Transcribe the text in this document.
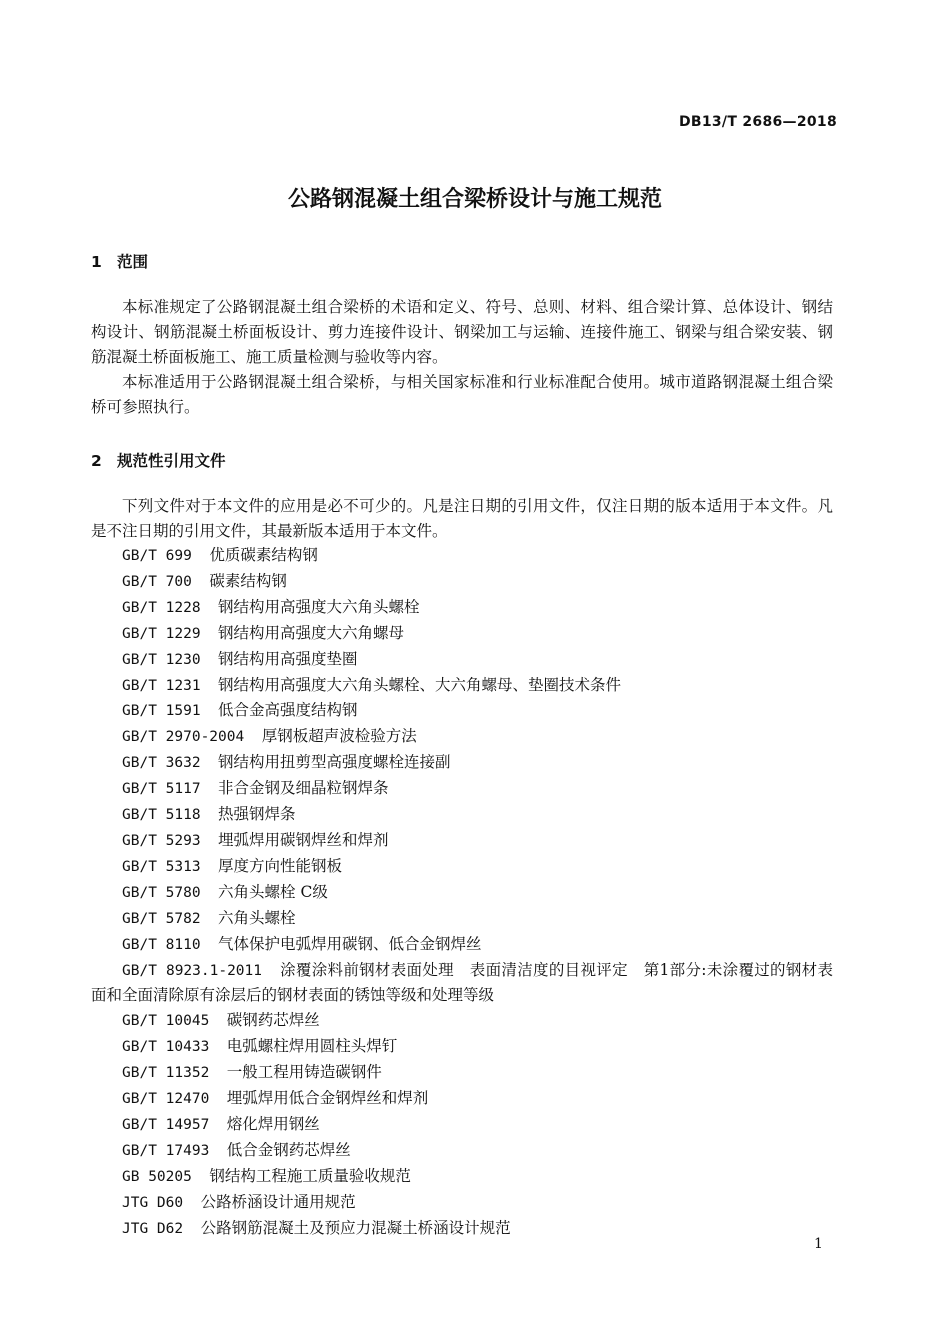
DB13/T 2686—2018
公路钢混凝土组合梁桥设计与施工规范
1 范围

本标准规定了公路钢混凝土组合梁桥的术语和定义、符号、总则、材料、组合梁计算、总体设计、钢结构设计、钢筋混凝土桥面板设计、剪力连接件设计、钢梁加工与运输、连接件施工、钢梁与组合梁安装、钢筋混凝土桥面板施工、施工质量检测与验收等内容。

本标准适用于公路钢混凝土组合梁桥，与相关国家标准和行业标准配合使用。城市道路钢混凝土组合梁桥可参照执行。

2 规范性引用文件

下列文件对于本文件的应用是必不可少的。凡是注日期的引用文件，仅注日期的版本适用于本文件。凡是不注日期的引用文件，其最新版本适用于本文件。

GB/T 699 优质碳素结构钢
GB/T 700 碳素结构钢
GB/T 1228 钢结构用高强度大六角头螺栓
GB/T 1229 钢结构用高强度大六角螺母
GB/T 1230 钢结构用高强度垫圈
GB/T 1231 钢结构用高强度大六角头螺栓、大六角螺母、垫圈技术条件
GB/T 1591 低合金高强度结构钢
GB/T 2970-2004 厚钢板超声波检验方法
GB/T 3632 钢结构用扭剪型高强度螺栓连接副
GB/T 5117 非合金钢及细晶粒钢焊条
GB/T 5118 热强钢焊条
GB/T 5293 埋弧焊用碳钢焊丝和焊剂
GB/T 5313 厚度方向性能钢板
GB/T 5780 六角头螺栓 C级
GB/T 5782 六角头螺栓
GB/T 8110 气体保护电弧焊用碳钢、低合金钢焊丝
GB/T 8923.1-2011 涂覆涂料前钢材表面处理　表面清洁度的目视评定　第1部分:未涂覆过的钢材表面和全面清除原有涂层后的钢材表面的锈蚀等级和处理等级
GB/T 10045 碳钢药芯焊丝
GB/T 10433 电弧螺柱焊用圆柱头焊钉
GB/T 11352 一般工程用铸造碳钢件
GB/T 12470 埋弧焊用低合金钢焊丝和焊剂
GB/T 14957 熔化焊用钢丝
GB/T 17493 低合金钢药芯焊丝
GB 50205 钢结构工程施工质量验收规范
JTG D60 公路桥涵设计通用规范
JTG D62 公路钢筋混凝土及预应力混凝土桥涵设计规范
1
